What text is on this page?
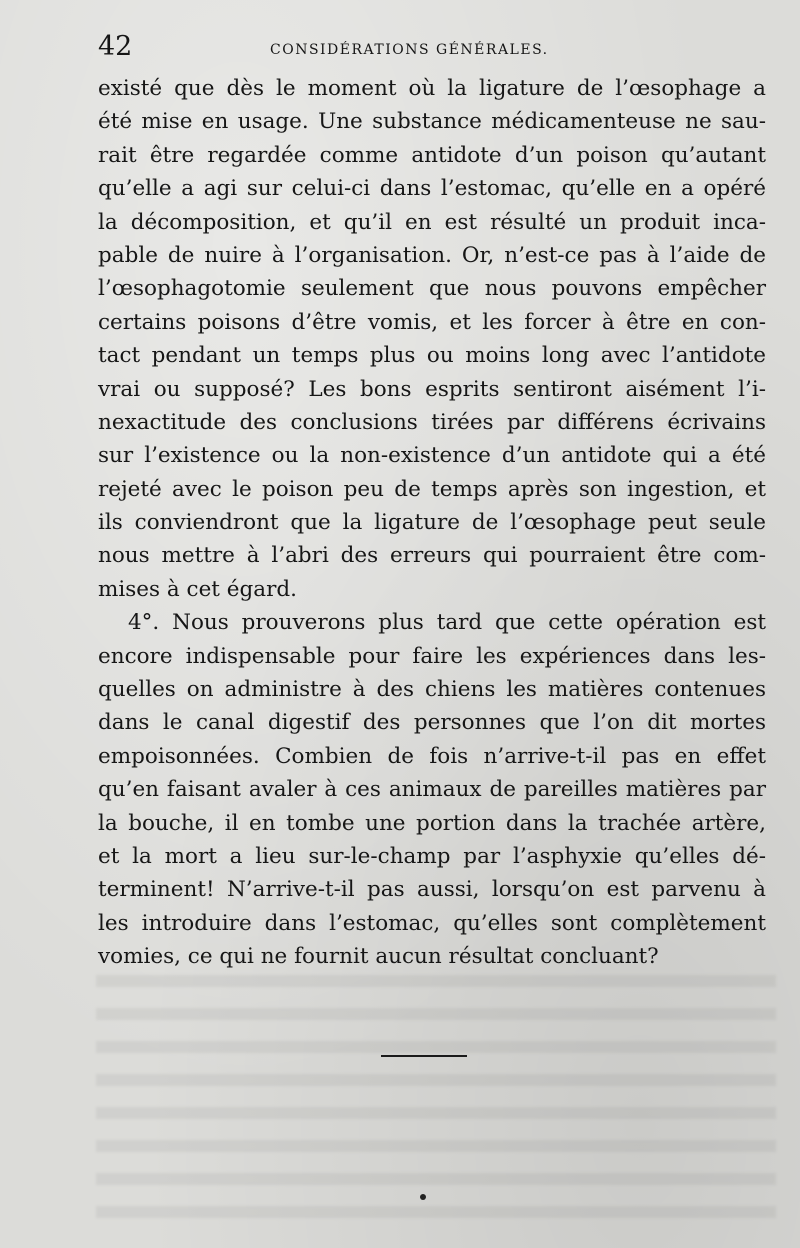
42	CONSIDÉRATIONS GÉNÉRALES.
existé que dès le moment où la ligature de l’œsophage a
été mise en usage. Une substance médicamenteuse ne sau-
rait être regardée comme antidote d’un poison qu’autant
qu’elle a agi sur celui-ci dans l’estomac, qu’elle en a opéré
la décomposition, et qu’il en est résulté un produit inca-
pable de nuire à l’organisation. Or, n’est-ce pas à l’aide de
l’œsophagotomie seulement que nous pouvons empêcher
certains poisons d’être vomis, et les forcer à être en con-
tact pendant un temps plus ou moins long avec l’antidote
vrai ou supposé? Les bons esprits sentiront aisément l’i-
nexactitude des conclusions tirées par différens écrivains
sur l’existence ou la non-existence d’un antidote qui a été
rejeté avec le poison peu de temps après son ingestion, et
ils conviendront que la ligature de l’œsophage peut seule
nous mettre à l’abri des erreurs qui pourraient être com-
mises à cet égard.
4°. Nous prouverons plus tard que cette opération est
encore indispensable pour faire les expériences dans les-
quelles on administre à des chiens les matières contenues
dans le canal digestif des personnes que l’on dit mortes
empoisonnées. Combien de fois n’arrive-t-il pas en effet
qu’en faisant avaler à ces animaux de pareilles matières par
la bouche, il en tombe une portion dans la trachée artère,
et la mort a lieu sur-le-champ par l’asphyxie qu’elles dé-
terminent! N’arrive-t-il pas aussi, lorsqu’on est parvenu à
les introduire dans l’estomac, qu’elles sont complètement
vomies, ce qui ne fournit aucun résultat concluant?
